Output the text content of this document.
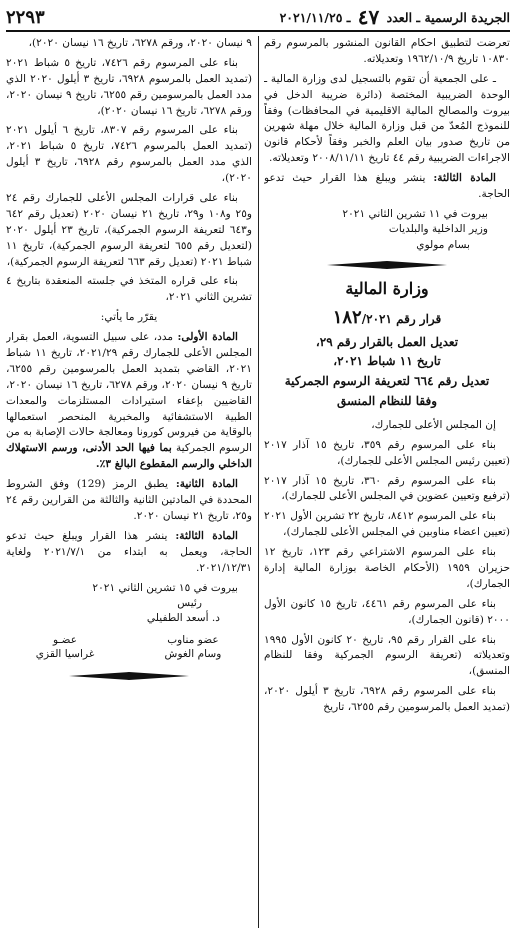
الجريدة الرسمية ـ العدد ٤٧ ـ ٢٠٢١/١١/٢٥
٢٢٩٣

تعرضت لتطبيق احكام القانون المنشور بالمرسوم رقم ١٠٨٣٠ تاريخ ١٩٦٢/١٠/٩ وتعديلاته.

ـ على الجمعية أن تقوم بالتسجيل لدى وزارة المالية ـ الوحدة الضريبية المختصة (دائرة ضريبة الدخل في بيروت والمصالح المالية الاقليمية في المحافظات) وفقاً للنموذج المُعدّ من قبل وزارة المالية خلال مهلة شهرين من تاريخ صدور بيان العلم والخبر وفقاً لأحكام قانون الاجراءات الضريبية رقم ٤٤ تاريخ ٢٠٠٨/١١/١١ وتعديلاته.

المادة الثالثة: ينشر ويبلغ هذا القرار حيث تدعو الحاجة.

بيروت في ١١ تشرين الثاني ٢٠٢١
وزير الداخلية والبلديات
بسام مولوي
وزارة المالية

قرار رقم ١٨٢/٢٠٢١

تعديل العمل بالقرار رقم ٢٩،

تاريخ ١١ شباط ٢٠٢١،

تعديل رقم ٦٦٤ لتعريفة الرسوم الجمركية

وفقا للنظام المنسق

إن المجلس الأعلى للجمارك،

بناء على المرسوم رقم ٣٥٩، تاريخ ١٥ آذار ٢٠١٧ (تعيين رئيس المجلس الأعلى للجمارك)،

بناء على المرسوم رقم ٣٦٠، تاريخ ١٥ آذار ٢٠١٧ (ترفيع وتعيين عضوين في المجلس الأعلى للجمارك)،

بناء على المرسوم ٨٤١٢، تاريخ ٢٢ تشرين الأول ٢٠٢١ (تعيين اعضاء مناوبين في المجلس الأعلى للجمارك)،

بناء على المرسوم الاشتراعي رقم ١٢٣، تاريخ ١٢ حزيران ١٩٥٩ (الأحكام الخاصة بوزارة المالية إدارة الجمارك)،

بناء على المرسوم رقم ٤٤٦١، تاريخ ١٥ كانون الأول ٢٠٠٠ (قانون الجمارك)،

بناء على القرار رقم ٩٥، تاريخ ٢٠ كانون الأول ١٩٩٥ وتعديلاته (تعريفة الرسوم الجمركية وفقا للنظام المنسق)،

بناء على المرسوم رقم ٦٩٢٨، تاريخ ٣ أيلول ٢٠٢٠، (تمديد العمل بالمرسومين رقم ٦٢٥٥، تاريخ

٩ نيسان ٢٠٢٠، ورقم ٦٢٧٨، تاريخ ١٦ نيسان ٢٠٢٠)،

بناء على المرسوم رقم ٧٤٢٦، تاريخ ٥ شباط ٢٠٢١ (تمديد العمل بالمرسوم ٦٩٢٨، تاريخ ٣ أيلول ٢٠٢٠ الذي مدد العمل بالمرسومين رقم ٦٢٥٥، تاريخ ٩ نيسان ٢٠٢٠، ورقم ٦٢٧٨، تاريخ ١٦ نيسان ٢٠٢٠)،

بناء على المرسوم رقم ٨٣٠٧، تاريخ ٦ أيلول ٢٠٢١ (تمديد العمل بالمرسوم ٧٤٢٦، تاريخ ٥ شباط ٢٠٢١، الذي مدد العمل بالمرسوم رقم ٦٩٢٨، تاريخ ٣ أيلول ٢٠٢٠)،

بناء على قرارات المجلس الأعلى للجمارك رقم ٢٤ و٢٥ و١٠٨ و٢٩، تاريخ ٢١ نيسان ٢٠٢٠ (تعديل رقم ٦٤٢ و٦٤٣ لتعريفة الرسوم الجمركية)، تاريخ ٢٣ أيلول ٢٠٢٠ (لتعديل رقم ٦٥٥ لتعريفة الرسوم الجمركية)، تاريخ ١١ شباط ٢٠٢١ (تعديل رقم ٦٦٣ لتعريفة الرسوم الجمركية)،

بناء على قراره المتخذ في جلسته المنعقدة بتاريخ ٤ تشرين الثاني ٢٠٢١،

يقرّر ما يأتي:

المادة الأولى: مدد، على سبيل التسوية، العمل بقرار المجلس الأعلى للجمارك رقم ٢٠٢١/٢٩، تاريخ ١١ شباط ٢٠٢١، القاضي بتمديد العمل بالمرسومين رقم ٦٢٥٥، تاريخ ٩ نيسان ٢٠٢٠، ورقم ٦٢٧٨، تاريخ ١٦ نيسان ٢٠٢٠، القاضيين بإعفاء استيرادات المستلزمات والمعدات الطبية الاستشفائية والمخبرية المنحصر استعمالها بالوقاية من فيروس كورونا ومعالجة حالات الإصابة به من الرسوم الجمركية بما فيها الحد الأدنى، ورسم الاستهلاك الداخلي والرسم المقطوع البالغ ٣٪.

المادة الثانية: يطبق الرمز (129) وفق الشروط المحددة في المادتين الثانية والثالثة من القرارين رقم ٢٤ و٢٥، تاريخ ٢١ نيسان ٢٠٢٠.

المادة الثالثة: ينشر هذا القرار ويبلغ حيث تدعو الحاجة، ويعمل به ابتداء من ٢٠٢١/٧/١ ولغاية ٢٠٢١/١٢/٣١.

بيروت في ١٥ تشرين الثاني ٢٠٢١
رئيس
د. أسعد الطفيلي
عضو مناوب
وسام الغوش
عضـو
غراسيا القزي
